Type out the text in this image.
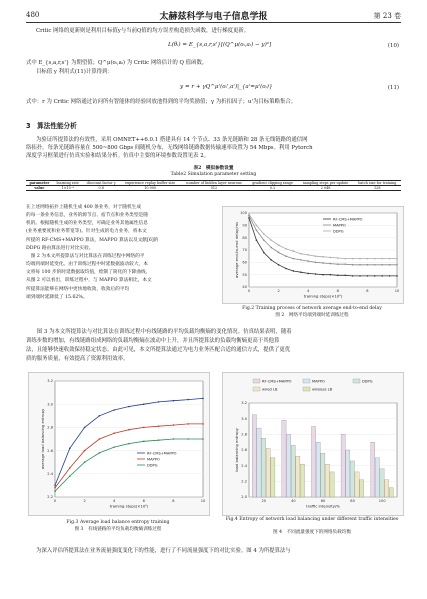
480	太赫兹科学与电子信息学报	第 23 卷
Critic 网络的更新则是利用目标值y与当前Q值的均方误差构造损失函数，进行梯度更新。
L(θᵢ) = E_{s,a,r,s'}[(Q^μ(oᵢ,aᵢ) − y)²]	(10)
式中 E_{s,a,r,s'} 为期望值；Q^μ(oᵢ,aᵢ) 为 Critic 网络估计的 Q 值函数。
目标值 y 利用式(11)计算得到：
y = r + γQ^μ'(oᵢ',a')|_{a'=μ'(oᵢ)}	(11)
式中：r 为 Critic 网络通过访问所有智能体的经验回放池得到的平均奖励值；γ 为折扣因子；u'为目标策略集合。
3　算法性能分析
为验证所提算法的有效性，采用 OMNET++6.0.1 搭建具有 14 个节点、33 条光链路和 28 条无线链路的通信网
络拓扑。每条光链路容量在 500~800 Gbps 间随机分布，无线网络链路数据传输速率设置为 54 Mbps。利用 Pytorch
深度学习框架进行仿真实验和结果分析。仿真中主要的环境参数设置见表 2。
表2　模拟参数设置
Table2 Simulation parameter setting
parameter	learning rate	discount factor γ	experience replay buffer size	number of hidden layer neurons	gradient clipping range	sampling steps per update	batch size for training
value	1×10⁻⁴	0.8	10 000	512	0.2	2 048	128
在上述网络拓扑上随机生成 400 条业务，对于随机生成
的每一条业务信息，业务的源节点、宿节点和业务类型是随
机的。根据随机生成的业务类型，可确定业务其他属性信息
(业务重要度和业务带宽等)。针对生成的电力业务，将本文
所提的 RF-CMS+MAPPO 算法，MAPPO 算法以及文献[6]的
DDPG 路由算法进行对比实验。
　图 2 为本文所提算法与对比算法在训练过程中网络的平
均端到端时延变化。由于训练过程中时延数据波动较大，本
文将每 100 步的时延数据取均值，绘制了简化的下降曲线，
从图 2 可以看出，训练过程中，与 MAPPO 算法相比，本文
所提算法能够在网络中更快地收敛，收敛后的平均
端到端时延降低了 15.62%。
40
50
60
70
80
90
100
0	2	4	6	8	10
training steps(×10⁵)
average end-to-end delay/ms
RF-CMS+MAPPO
MAPPO
DDPG
Fig.2 Training process of network average end-to-end delay
图 2　网络平均端到端时延训练过程
　　图 3 为本文所提算法与对比算法在训练过程中有线链路的平均负载均衡熵的变化情况。仿真结果表明，随着
训练步数的增加，有线链路组成网络的负载均衡熵在波动中上升，并且所提算法的负载均衡熵更高于其他算
法，且能够快速收敛保持稳定状态。由此可见，本文所提算法通过为电力业务匹配合适的通信方式，提供了更优
质的服务质量，有效提高了资源利用效率。
2.2
2.4
2.6
2.8
3.0
3.2
0	2	4	6	8	10
training steps(×10⁵)
average load balancing entropy	RF-CMS+MAPPO
MAPPO
DDPG
Fig.3 Average load balance entropy training
图 3　有线链路的平均负载均衡熵训练过程
2.0
2.2
2.4
2.6
2.8
3.0
3.2
20	40	60	80	100
traffic intensity/%
load balancing entropy
RF-CMS+MAPPO	MAPPO	DDPG
wired LB	wireless LB
Fig.4 Entropy of network load balancing under different traffic intensities
图 4　不同流量强度下的网络负载均衡
为深入评估所提算法在业务流量强度变化下的性能，进行了不同流量强度下的对比实验。图 4 为所提算法与
